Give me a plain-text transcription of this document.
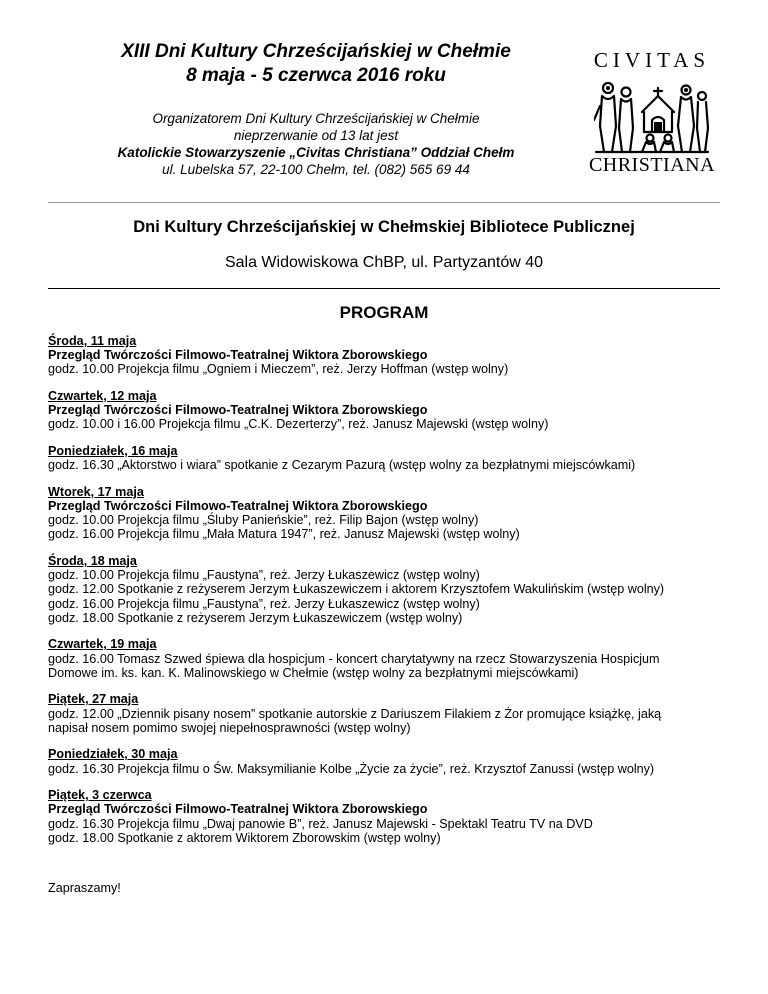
XIII Dni Kultury Chrześcijańskiej w Chełmie
8 maja - 5 czerwca 2016 roku
Organizatorem Dni Kultury Chrześcijańskiej w Chełmie
nieprzerwanie od 13 lat jest
Katolickie Stowarzyszenie „Civitas Christiana” Oddział Chełm
ul. Lubelska 57, 22-100 Chełm, tel. (082) 565 69 44
CIVITAS
CHRISTIANA
Dni Kultury Chrześcijańskiej w Chełmskiej Bibliotece Publicznej
Sala Widowiskowa ChBP, ul. Partyzantów 40
PROGRAM
Środa, 11 maja
Przegląd Twórczości Filmowo-Teatralnej Wiktora Zborowskiego
godz. 10.00 Projekcja filmu „Ogniem i Mieczem”, reż. Jerzy Hoffman (wstęp wolny)
Czwartek, 12 maja
Przegląd Twórczości Filmowo-Teatralnej Wiktora Zborowskiego
godz. 10.00 i 16.00 Projekcja filmu „C.K. Dezerterzy”, reż. Janusz Majewski (wstęp wolny)
Poniedziałek, 16 maja
godz. 16.30 „Aktorstwo i wiara” spotkanie z Cezarym Pazurą (wstęp wolny za bezpłatnymi miejscówkami)
Wtorek, 17 maja
Przegląd Twórczości Filmowo-Teatralnej Wiktora Zborowskiego
godz. 10.00 Projekcja filmu „Śluby Panieńskie”, reż. Filip Bajon (wstęp wolny)
godz. 16.00 Projekcja filmu „Mała Matura 1947”, reż. Janusz Majewski (wstęp wolny)
Środa, 18 maja
godz. 10.00 Projekcja filmu „Faustyna”, reż. Jerzy Łukaszewicz (wstęp wolny)
godz. 12.00 Spotkanie z reżyserem Jerzym Łukaszewiczem i aktorem Krzysztofem Wakulińskim (wstęp wolny)
godz. 16.00 Projekcja filmu „Faustyna”, reż. Jerzy Łukaszewicz (wstęp wolny)
godz. 18.00 Spotkanie z reżyserem Jerzym Łukaszewiczem (wstęp wolny)
Czwartek, 19 maja
godz. 16.00 Tomasz Szwed śpiewa dla hospicjum - koncert charytatywny na rzecz Stowarzyszenia Hospicjum
Domowe im. ks. kan. K. Malinowskiego w Chełmie (wstęp wolny za bezpłatnymi miejscówkami)
Piątek, 27 maja
godz. 12.00 „Dziennik pisany nosem” spotkanie autorskie z Dariuszem Filakiem z Żor promujące książkę, jaką
napisał nosem pomimo swojej niepełnosprawności (wstęp wolny)
Poniedziałek, 30 maja
godz. 16.30 Projekcja filmu o Św. Maksymilianie Kolbe „Życie za życie”, reż. Krzysztof Zanussi (wstęp wolny)
Piątek, 3 czerwca
Przegląd Twórczości Filmowo-Teatralnej Wiktora Zborowskiego
godz. 16.30 Projekcja filmu „Dwaj panowie B”, reż. Janusz Majewski - Spektakl Teatru TV na DVD
godz. 18.00 Spotkanie z aktorem Wiktorem Zborowskim (wstęp wolny)
Zapraszamy!
